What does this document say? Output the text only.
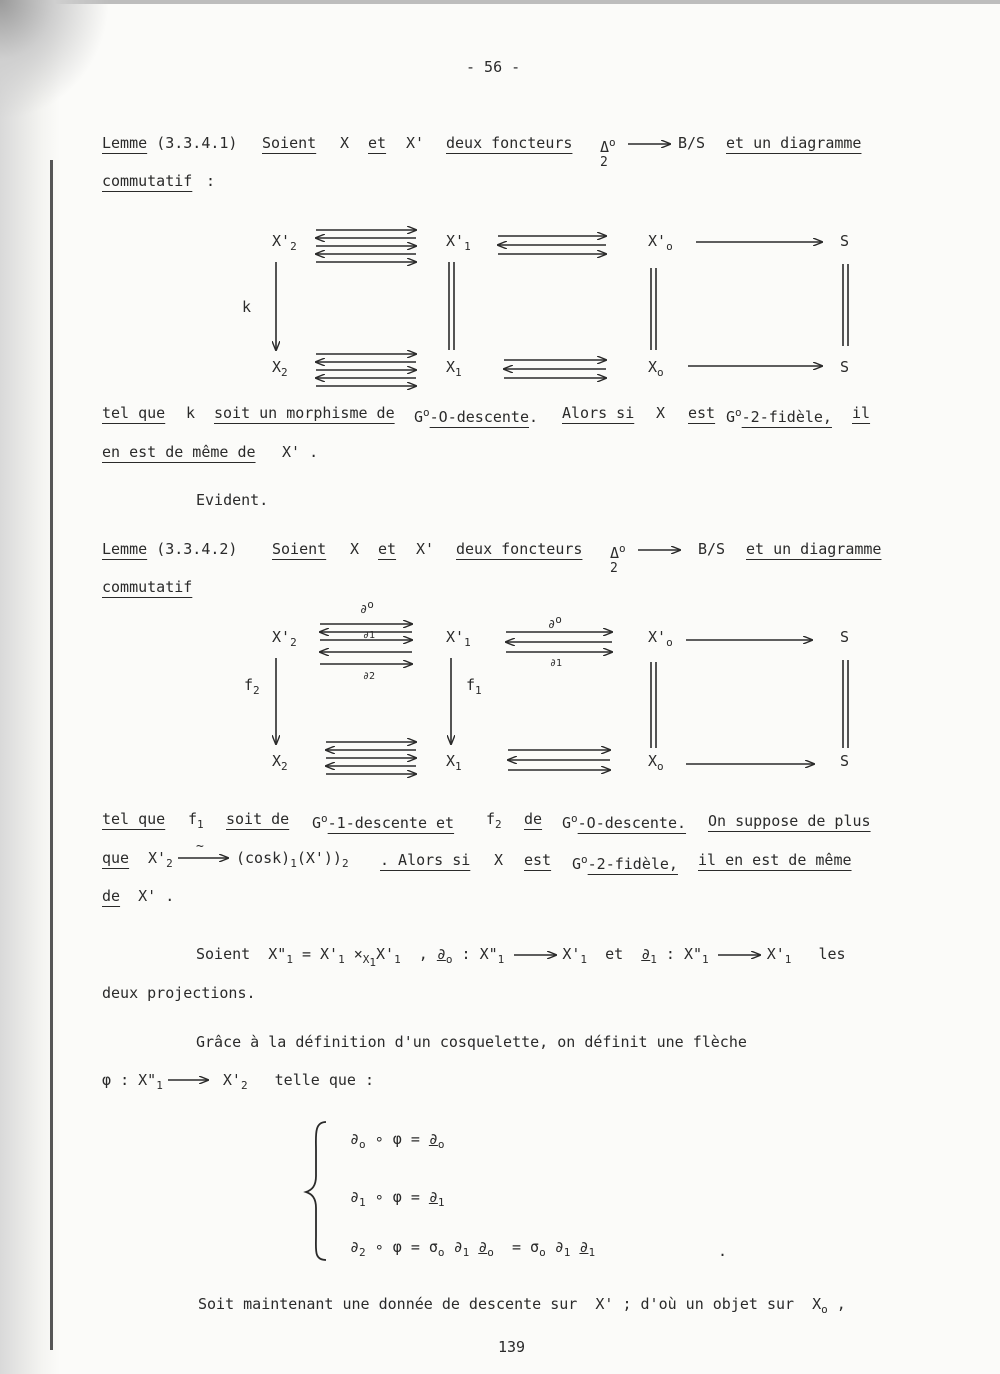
- 56 -
Lemme (3.3.4.1) Soient X et X' deux foncteurs $\Delta^o$
2
B/S et un diagramme
commutatif :
$X'_2$	$X'_1$	$X'_o$	S
k
$X_2$	$X_1$	$X_o$	S
tel que k soit un morphisme de $G^o-O$-descente. Alors si X est $G^o-2$-fidèle, il
en est de même de X' .
Evident.
Lemme (3.3.4.2) Soient X et X' deux foncteurs $\Delta^o$
2
B/S et un diagramme
commutatif
$X'_2$	$X'_1$	$X'_o$	S
$f_2$	$f_1$
$X_2$	$X_1$	$X_o$	S
∂$^o$
∂1
∂2
∂$^o$
∂1
tel que $f_1$ soit de $G^o-1$-descente et $f_2$ de $G^o-O$-descente. On suppose de plus
que $X'_2$
~
$(\cos k)_1(X'))_2$ . Alors si X est $G^o-2$-fidèle, il en est de même
de X' .
Soient $X"_1 = X'_1 \times_{X_1}X'_1$ , $\partial_o$ : $X"_1$	$X'_1$ et $\partial_1$ : $X"_1$	$X'_1$ les
deux projections.
Grâce à la définition d'un cosquelette, on définit une flèche
φ : $X"_1$	$X'_2$ telle que :
$\partial_o$ ∘ $\varphi = \partial_o$
$\partial_1$ ∘ $\varphi = \partial_1$
$\partial_2$ ∘ $\varphi = \sigma_o$ $\partial_1$ $\partial_o = \sigma_o$ $\partial_1$ $\partial_1$	.
Soit maintenant une donnée de descente sur X' ; d'où un objet sur $X_o$ ,
139
